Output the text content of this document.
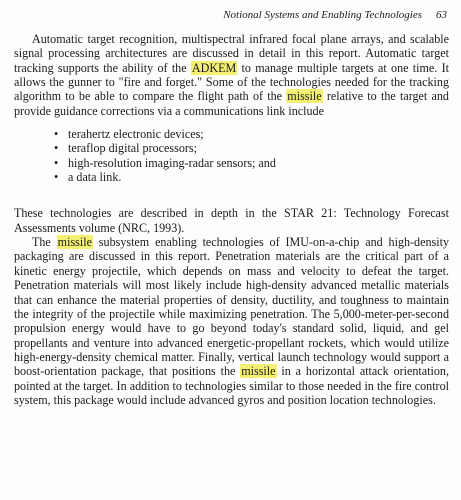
Notional Systems and Enabling Technologies 63

Automatic target recognition, multispectral infrared focal plane arrays, and scalable signal processing architectures are discussed in detail in this report. Automatic target tracking supports the ability of the ADKEM to manage multiple targets at one time. It allows the gunner to "fire and forget." Some of the technologies needed for the tracking algorithm to be able to compare the flight path of the missile relative to the target and provide guidance corrections via a communications link include

• terahertz electronic devices;
• teraflop digital processors;
• high-resolution imaging-radar sensors; and
• a data link.

These technologies are described in depth in the STAR 21: Technology Forecast Assessments volume (NRC, 1993).

The missile subsystem enabling technologies of IMU-on-a-chip and high-density packaging are discussed in this report. Penetration materials are the critical part of a kinetic energy projectile, which depends on mass and velocity to defeat the target. Penetration materials will most likely include high-density advanced metallic materials that can enhance the material properties of density, ductility, and toughness to maintain the integrity of the projectile while maximizing penetration. The 5,000-meter-per-second propulsion energy would have to go beyond today's standard solid, liquid, and gel propellants and venture into advanced energetic-propellant rockets, which would utilize high-energy-density chemical matter. Finally, vertical launch technology would support a boost-orientation package, that positions the missile in a horizontal attack orientation, pointed at the target. In addition to technologies similar to those needed in the fire control system, this package would include advanced gyros and position location technologies.
